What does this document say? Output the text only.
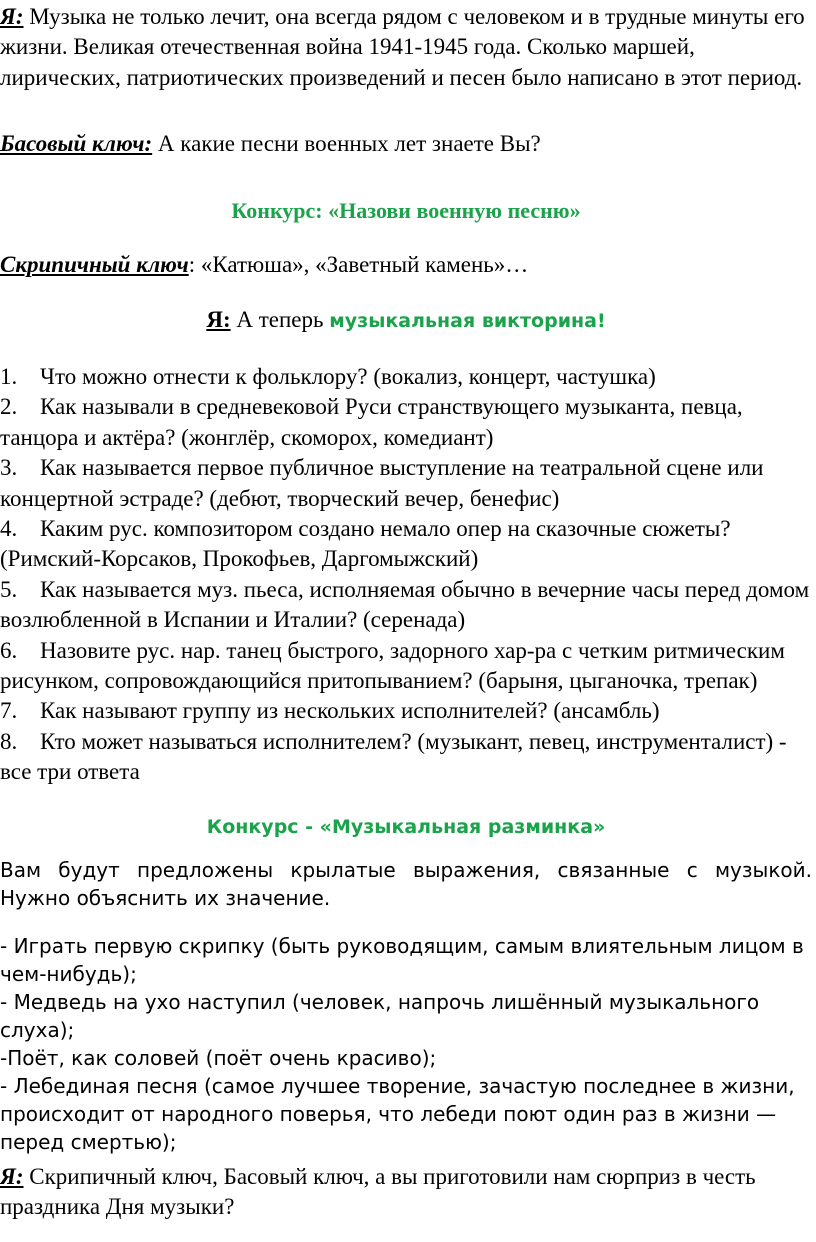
Я: Музыка не только лечит, она всегда рядом с человеком и в трудные минуты его жизни. Великая отечественная война 1941-1945 года. Сколько маршей, лирических, патриотических произведений и песен было написано в этот период.

Басовый ключ: А какие песни военных лет знаете Вы?

Конкурс: «Назови военную песню»

Скрипичный ключ: «Катюша», «Заветный камень»…

Я: А теперь музыкальная викторина!

1. Что можно отнести к фольклору? (вокализ, концерт, частушка)

2. Как называли в средневековой Руси странствующего музыканта, певца, танцора и актёра? (жонглёр, скоморох, комедиант)

3. Как называется первое публичное выступление на театральной сцене или концертной эстраде? (дебют, творческий вечер, бенефис)

4. Каким рус. композитором создано немало опер на сказочные сюжеты? (Римский-Корсаков, Прокофьев, Даргомыжский)

5. Как называется муз. пьеса, исполняемая обычно в вечерние часы перед домом возлюбленной в Испании и Италии? (серенада)

6. Назовите рус. нар. танец быстрого, задорного хар-ра с четким ритмическим рисунком, сопровождающийся притопыванием? (барыня, цыганочка, трепак)

7. Как называют группу из нескольких исполнителей? (ансамбль)

8. Кто может называться исполнителем? (музыкант, певец, инструменталист) - все три ответа

Конкурс - «Музыкальная разминка»

Вам будут предложены крылатые выражения, связанные с музыкой. Нужно объяснить их значение.

- Играть первую скрипку (быть руководящим, самым влиятельным лицом в чем-нибудь);

- Медведь на ухо наступил (человек, напрочь лишённый музыкального слуха);

-Поёт, как соловей (поёт очень красиво);

- Лебединая песня (самое лучшее творение, зачастую последнее в жизни, происходит от народного поверья, что лебеди поют один раз в жизни — перед смертью);

Я: Скрипичный ключ, Басовый ключ, а вы приготовили нам сюрприз в честь праздника Дня музыки?
